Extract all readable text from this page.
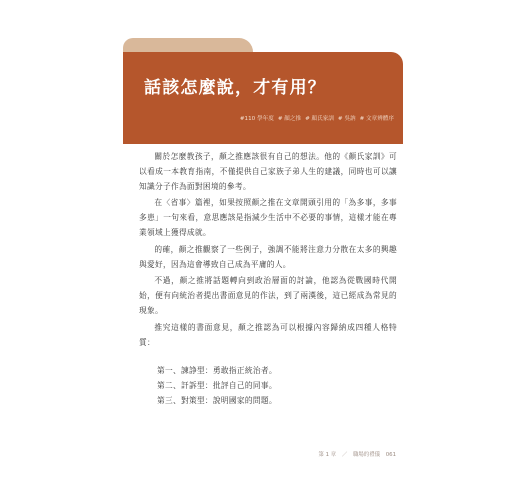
話該怎麼說，才有用？
#110 學年度 # 顏之推 # 顏氏家訓 # 吳訥 # 文章辨體序

關於怎麼教孩子，顏之推應該很有自己的想法。他的《顏氏家訓》可以看成一本教育指南，不僅提供自己家族子弟人生的建議，同時也可以讓知識分子作為面對困境的參考。

在〈省事〉篇裡，如果按照顏之推在文章開頭引用的「為多事，多事多患」一句來看，意思應該是指減少生活中不必要的事情，這樣才能在專業領域上獲得成就。

的確，顏之推觀察了一些例子，強調不能將注意力分散在太多的興趣與愛好，因為這會導致自己成為平庸的人。

不過，顏之推將話題轉向到政治層面的討論，他認為從戰國時代開始，便有向統治者提出書面意見的作法，到了兩漢後，這已經成為常見的現象。

推究這樣的書面意見，顏之推認為可以根據內容歸納成四種人格特質：

第一、諫諍型：勇敢指正統治者。
第二、訐訴型：批評自己的同事。
第三、對策型：說明國家的問題。
第 1 章 ／ 職場的禮儀 061
